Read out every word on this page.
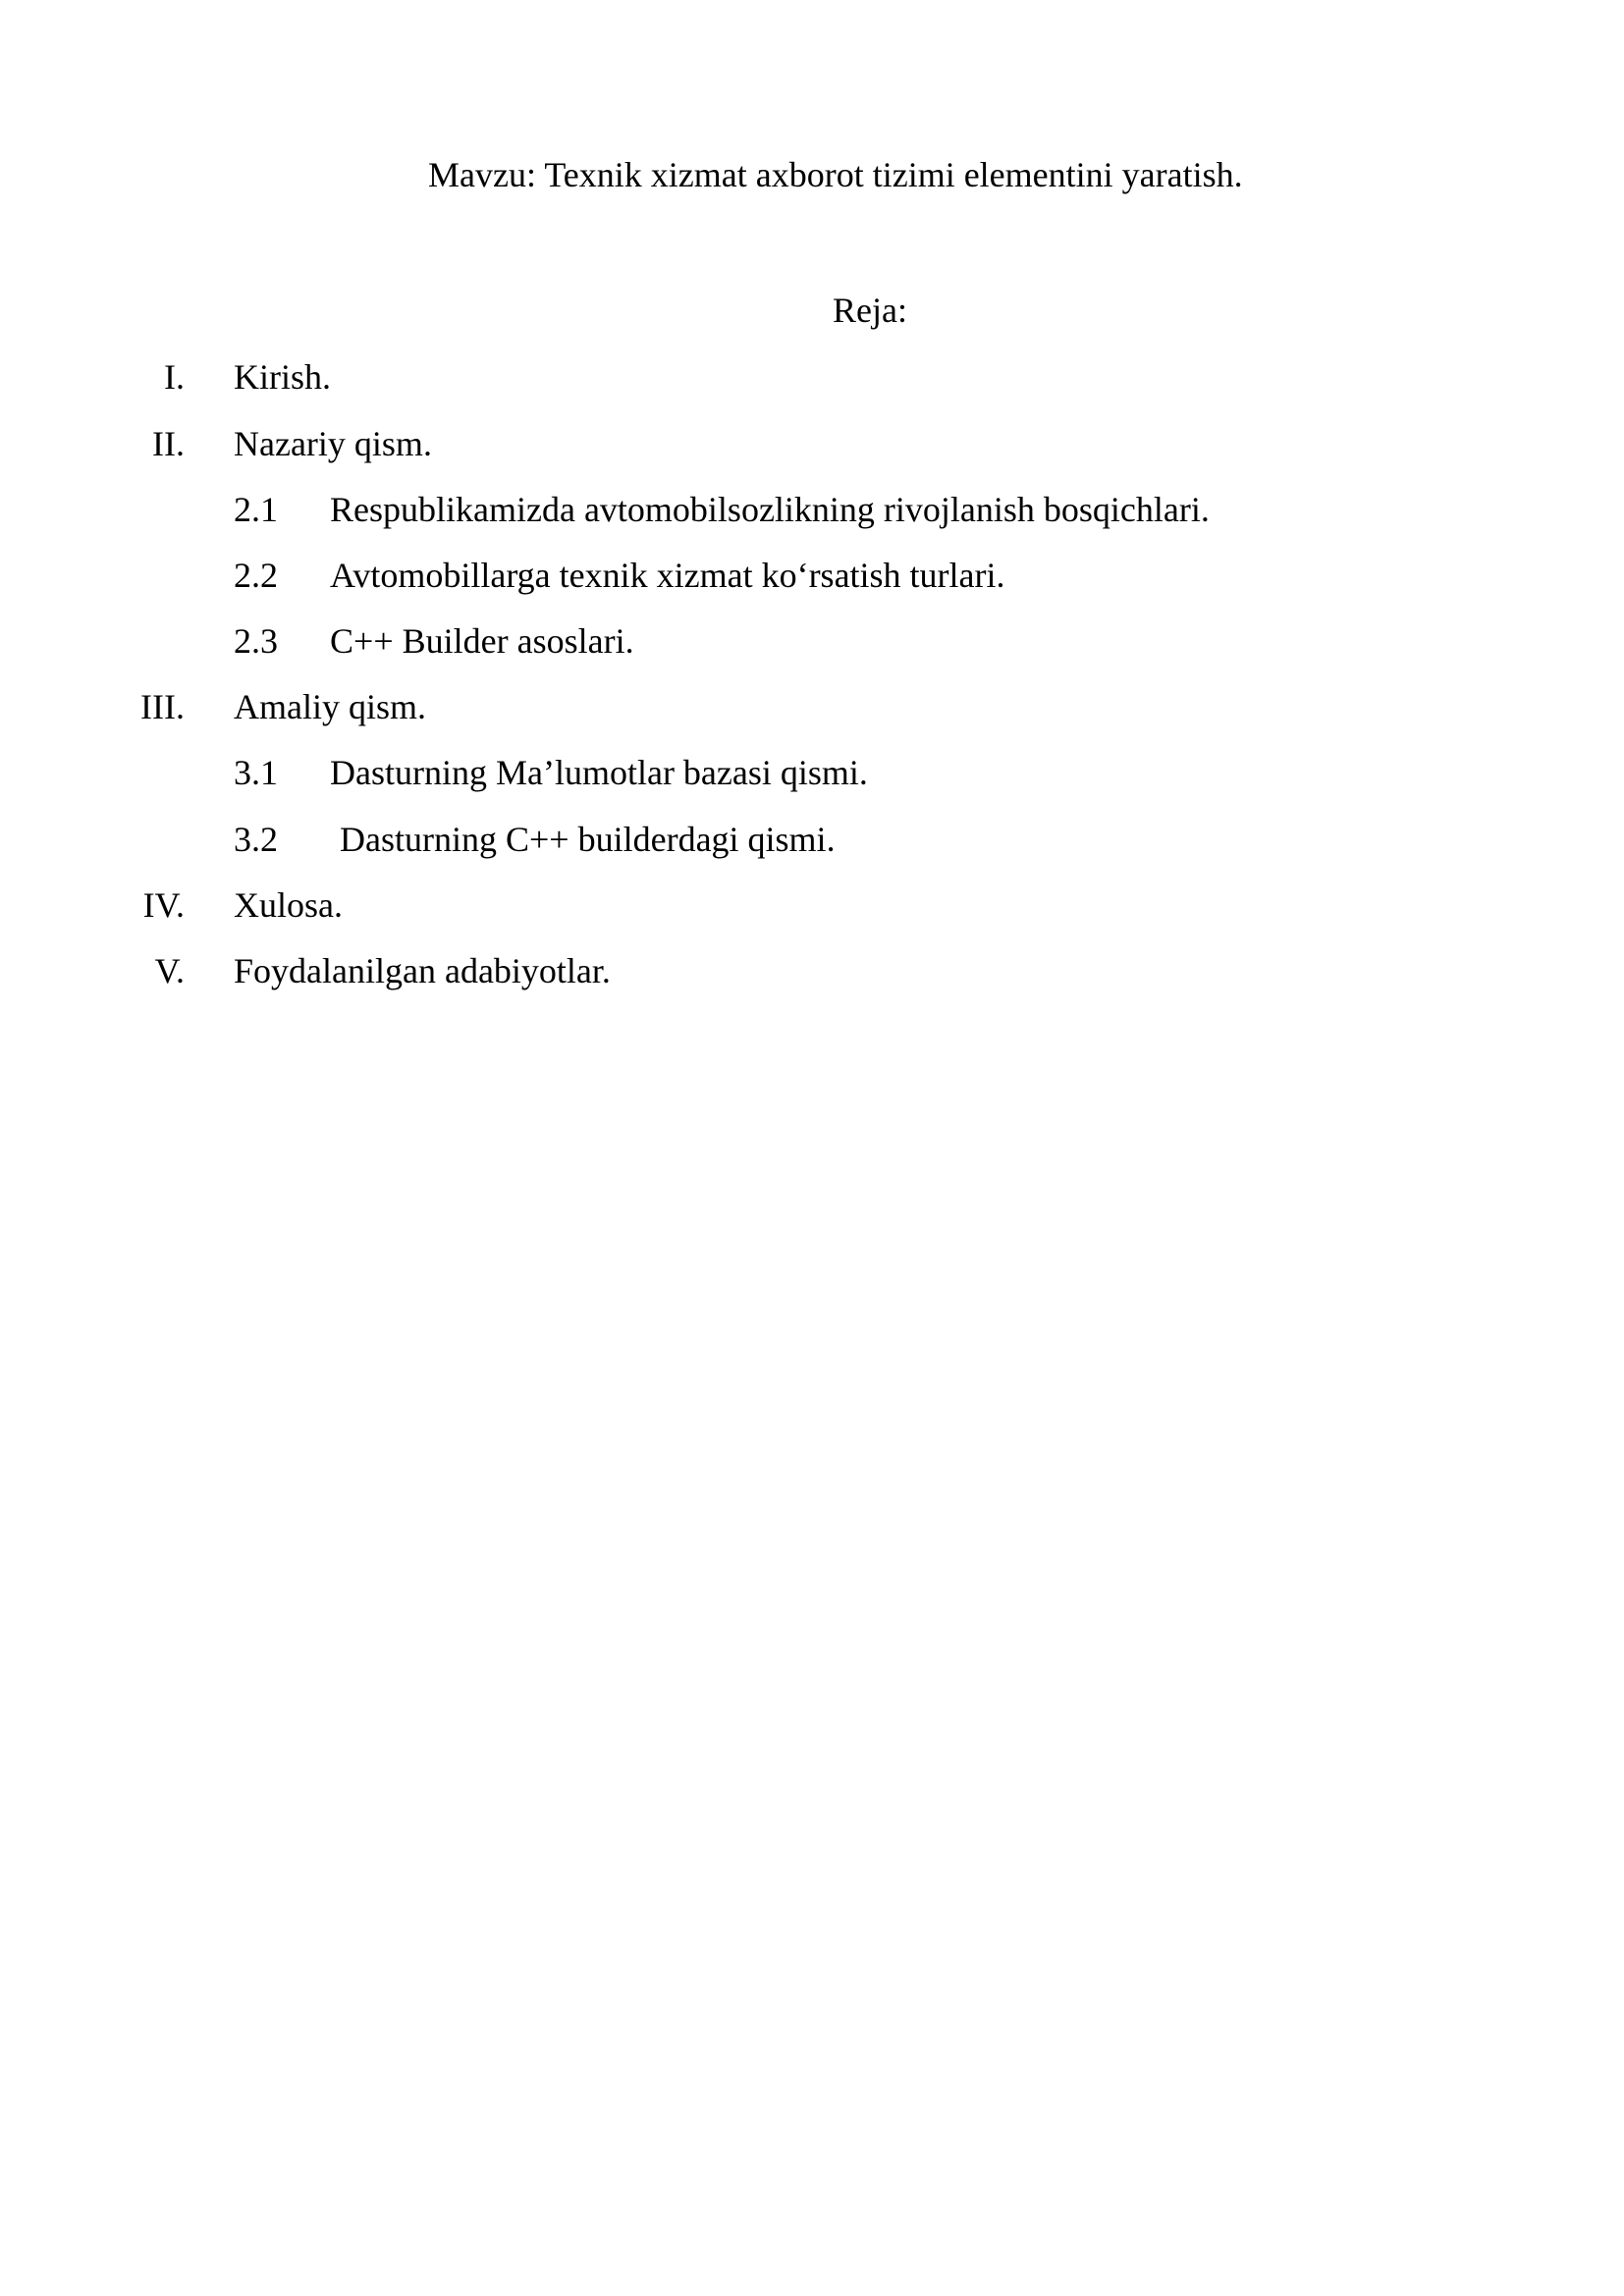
Mavzu: Texnik xizmat axborot tizimi elementini yaratish.
Reja:
I. Kirish.
II. Nazariy qism.
2.1 Respublikamizda avtomobilsozlikning rivojlanish bosqichlari.
2.2 Avtomobillarga texnik xizmat koʻrsatish turlari.
2.3 C++ Builder asoslari.
III. Amaliy qism.
3.1 Dasturning Ma’lumotlar bazasi qismi.
3.2 Dasturning C++ builderdagi qismi.
IV. Xulosa.
V. Foydalanilgan adabiyotlar.
